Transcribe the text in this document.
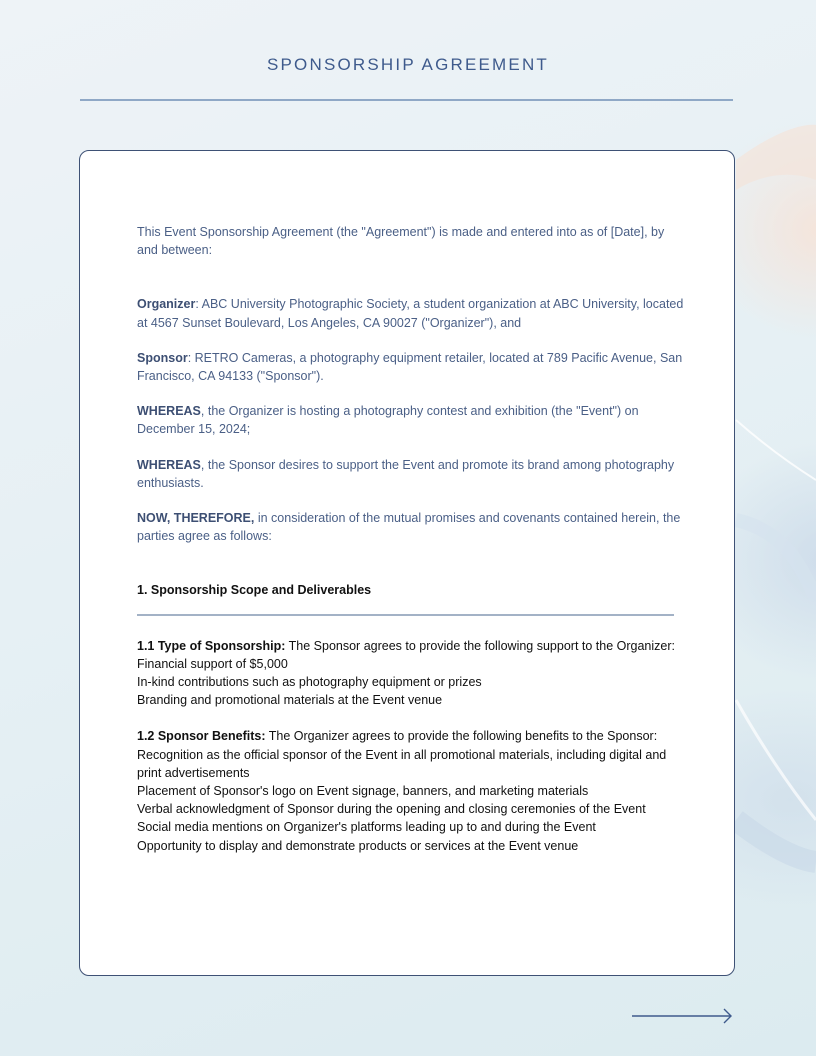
SPONSORSHIP AGREEMENT

This Event Sponsorship Agreement (the "Agreement") is made and entered into as of [Date], by and between:

Organizer: ABC University Photographic Society, a student organization at ABC University, located at 4567 Sunset Boulevard, Los Angeles, CA 90027 ("Organizer"), and

Sponsor: RETRO Cameras, a photography equipment retailer, located at 789 Pacific Avenue, San Francisco, CA 94133 ("Sponsor").

WHEREAS, the Organizer is hosting a photography contest and exhibition (the "Event") on December 15, 2024;

WHEREAS, the Sponsor desires to support the Event and promote its brand among photography enthusiasts.

NOW, THEREFORE, in consideration of the mutual promises and covenants contained herein, the parties agree as follows:

1. Sponsorship Scope and Deliverables

1.1 Type of Sponsorship: The Sponsor agrees to provide the following support to the Organizer:

Financial support of $5,000
In-kind contributions such as photography equipment or prizes
Branding and promotional materials at the Event venue

1.2 Sponsor Benefits: The Organizer agrees to provide the following benefits to the Sponsor:

Recognition as the official sponsor of the Event in all promotional materials, including digital and print advertisements
Placement of Sponsor's logo on Event signage, banners, and marketing materials
Verbal acknowledgment of Sponsor during the opening and closing ceremonies of the Event
Social media mentions on Organizer's platforms leading up to and during the Event
Opportunity to display and demonstrate products or services at the Event venue
